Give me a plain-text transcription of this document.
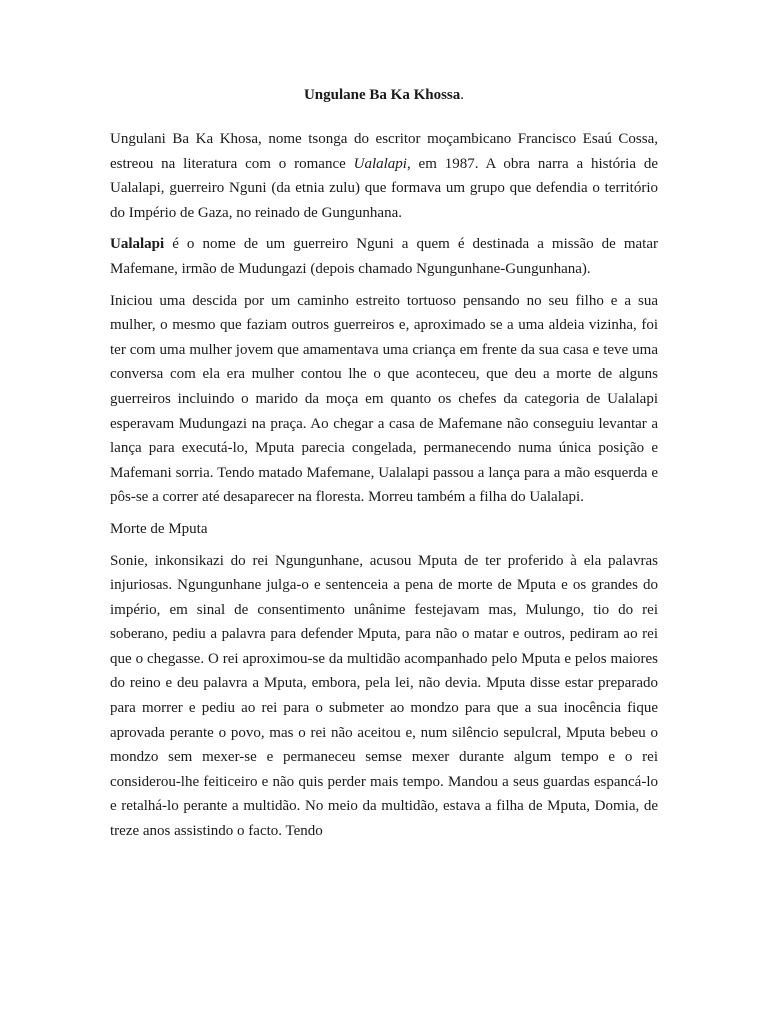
Ungulane Ba Ka Khossa.

Ungulani Ba Ka Khosa, nome tsonga do escritor moçambicano Francisco Esaú Cossa, estreou na literatura com o romance Ualalapi, em 1987. A obra narra a história de Ualalapi, guerreiro Nguni (da etnia zulu) que formava um grupo que defendia o território do Império de Gaza, no reinado de Gungunhana.

Ualalapi é o nome de um guerreiro Nguni a quem é destinada a missão de matar Mafemane, irmão de Mudungazi (depois chamado Ngungunhane-Gungunhana).

Iniciou uma descida por um caminho estreito tortuoso pensando no seu filho e a sua mulher, o mesmo que faziam outros guerreiros e, aproximado se a uma aldeia vizinha, foi ter com uma mulher jovem que amamentava uma criança em frente da sua casa e teve uma conversa com ela era mulher contou lhe o que aconteceu, que deu a morte de alguns guerreiros incluindo o marido da moça em quanto os chefes da categoria de Ualalapi esperavam Mudungazi na praça. Ao chegar a casa de Mafemane não conseguiu levantar a lança para executá-lo, Mputa parecia congelada, permanecendo numa única posição e Mafemani sorria. Tendo matado Mafemane, Ualalapi passou a lança para a mão esquerda e pôs-se a correr até desaparecer na floresta. Morreu também a filha do Ualalapi.

Morte de Mputa

Sonie, inkonsikazi do rei Ngungunhane, acusou Mputa de ter proferido à ela palavras injuriosas. Ngungunhane julga-o e sentenceia a pena de morte de Mputa e os grandes do império, em sinal de consentimento unânime festejavam mas, Mulungo, tio do rei soberano, pediu a palavra para defender Mputa, para não o matar e outros, pediram ao rei que o chegasse. O rei aproximou-se da multidão acompanhado pelo Mputa e pelos maiores do reino e deu palavra a Mputa, embora, pela lei, não devia. Mputa disse estar preparado para morrer e pediu ao rei para o submeter ao mondzo para que a sua inocência fique aprovada perante o povo, mas o rei não aceitou e, num silêncio sepulcral, Mputa bebeu o mondzo sem mexer-se e permaneceu semse mexer durante algum tempo e o rei considerou-lhe feiticeiro e não quis perder mais tempo. Mandou a seus guardas espancá-lo e retalhá-lo perante a multidão. No meio da multidão, estava a filha de Mputa, Domia, de treze anos assistindo o facto. Tendo
